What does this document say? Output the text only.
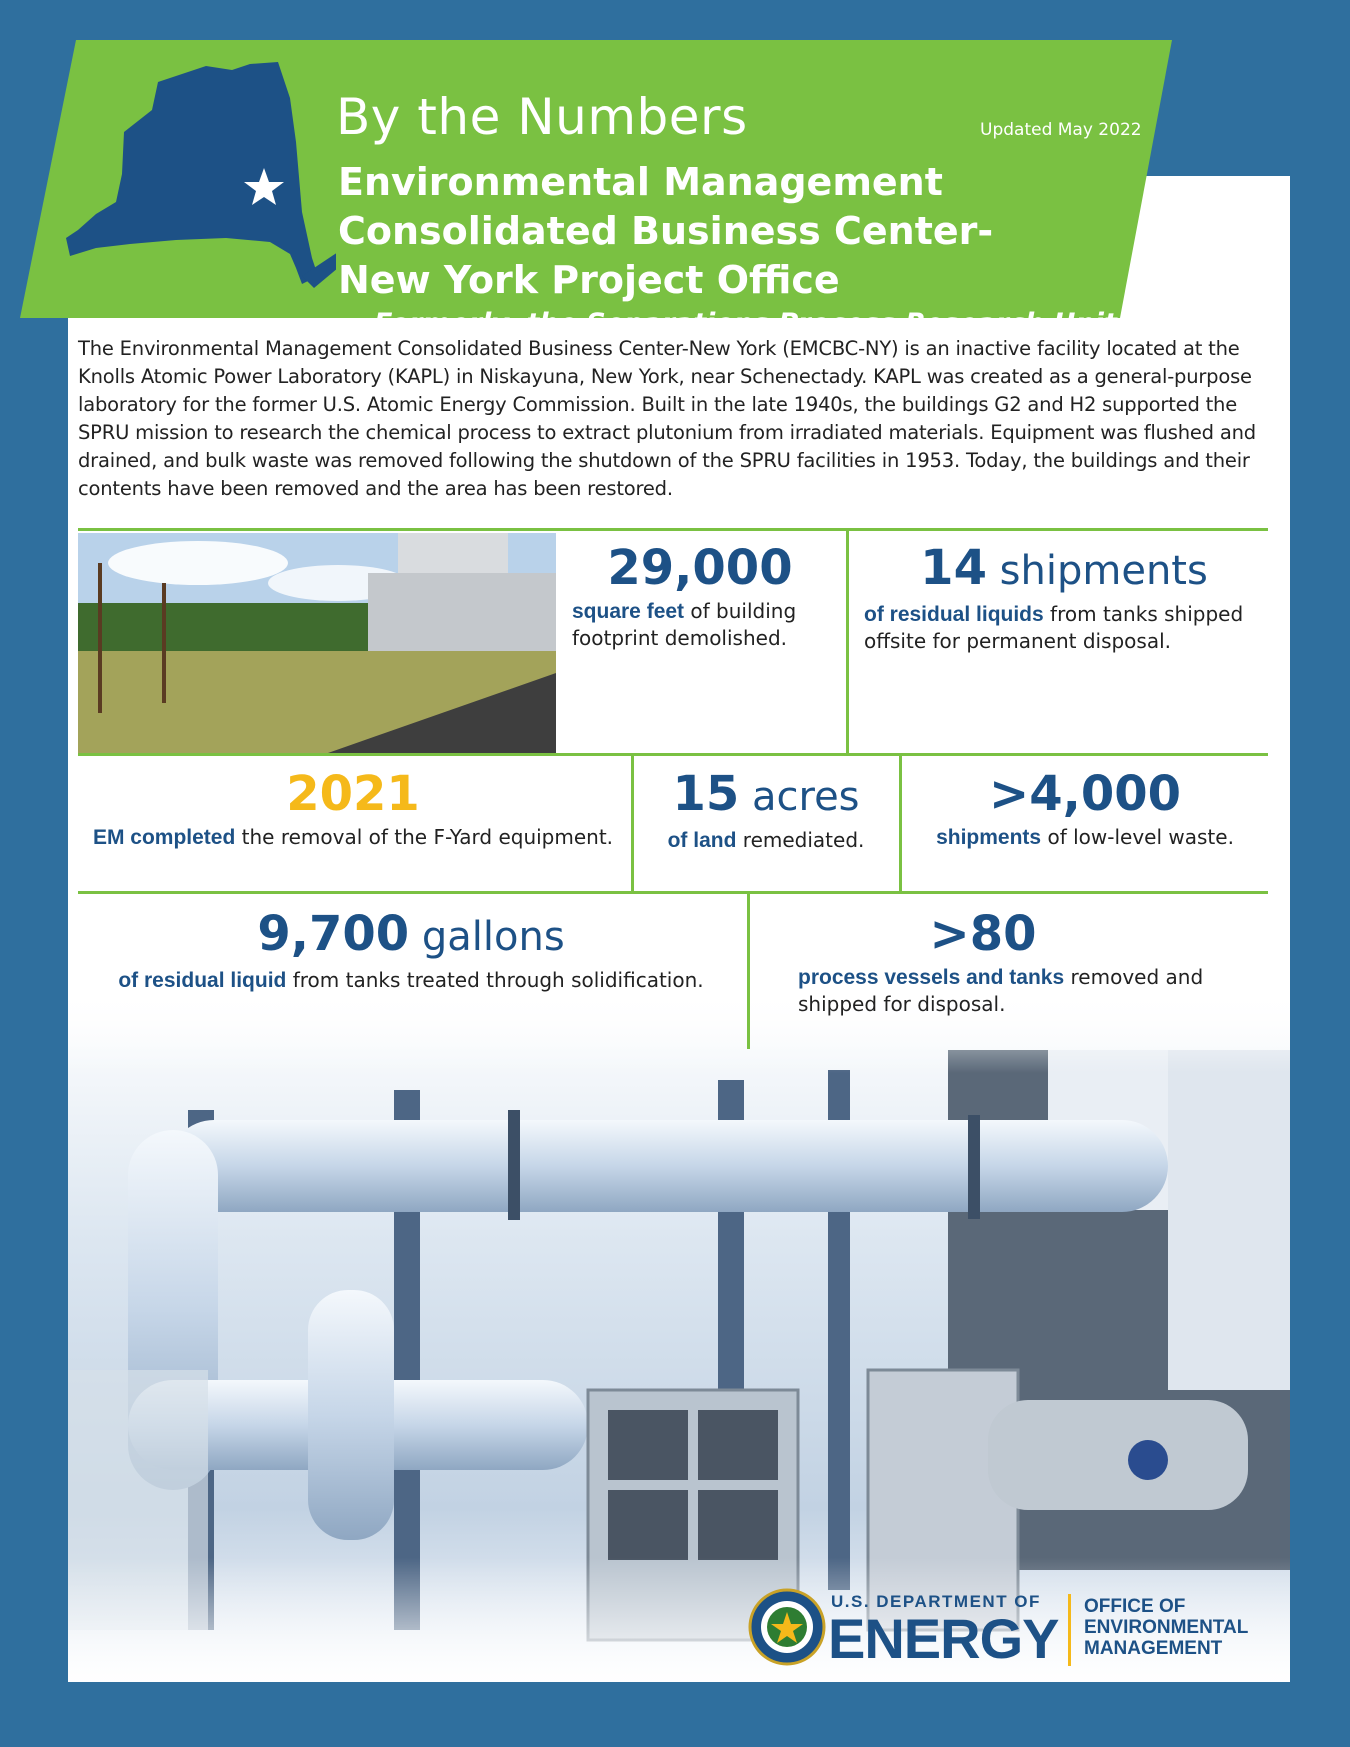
By the Numbers	Updated May 2022
Environmental Management
Consolidated Business Center-
New York Project Office
Formerly, the Separations Process Research Unit

The Environmental Management Consolidated Business Center-New York (EMCBC-NY) is an inactive facility located at the Knolls Atomic Power Laboratory (KAPL) in Niskayuna, New York, near Schenectady. KAPL was created as a general-purpose laboratory for the former U.S. Atomic Energy Commission. Built in the late 1940s, the buildings G2 and H2 supported the SPRU mission to research the chemical process to extract plutonium from irradiated materials. Equipment was flushed and drained, and bulk waste was removed following the shutdown of the SPRU facilities in 1953. Today, the buildings and their contents have been removed and the area has been restored.

29,000
square feet of building footprint demolished.
14 shipments
of residual liquids from tanks shipped offsite for permanent disposal.
2021
EM completed the removal of the F-Yard equipment.
15 acres
of land remediated.
>4,000
shipments of low-level waste.
9,700 gallons
of residual liquid from tanks treated through solidification.
>80
process vessels and tanks removed and shipped for disposal.
U.S. DEPARTMENT OF
ENERGY
OFFICE OF
ENVIRONMENTAL
MANAGEMENT
